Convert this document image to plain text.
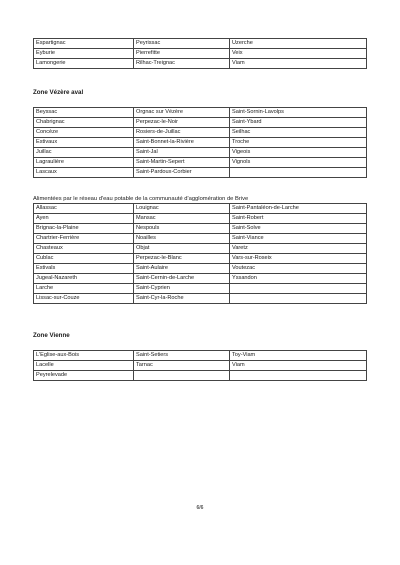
Espartignac	Peyrissac	Uzerche
Eyburie	Pierrefitte	Veix
Lamongerie	Rilhac-Treignac	Viam
Zone Vézère aval
Beyssac	Orgnac sur Vézère	Saint-Sornin-Lavolps
Chabrignac	Perpezac-le-Noir	Saint-Ybard
Concèze	Rosiers-de-Juillac	Seilhac
Estivaux	Saint-Bonnet-la-Rivière	Troche
Juillac	Saint-Jal	Vigeois
Lagraulière	Saint-Martin-Sepert	Vignols
Lascaux	Saint-Pardoux-Corbier	
Alimentées par le réseau d'eau potable de la communauté d'agglomération de Brive
Allassac	Louignac	Saint-Pantaléon-de-Larche
Ayen	Mansac	Saint-Robert
Brignac-la-Plaine	Nespouls	Saint-Solve
Chartrier-Ferrière	Noailles	Saint-Viance
Chasteaux	Objat	Varetz
Cublac	Perpezac-le-Blanc	Vars-sur-Roseix
Estivals	Saint-Aulaire	Voutezac
Jugeal-Nazareth	Saint-Cernin-de-Larche	Yssandon
Larche	Saint-Cyprien	
Lissac-sur-Couze	Saint-Cyr-la-Roche	
Zone Vienne
L'Eglise-aux-Bois	Saint-Setiers	Toy-Viam
Lacelle	Tarnac	Viam
Peyrelevade		
6/6
